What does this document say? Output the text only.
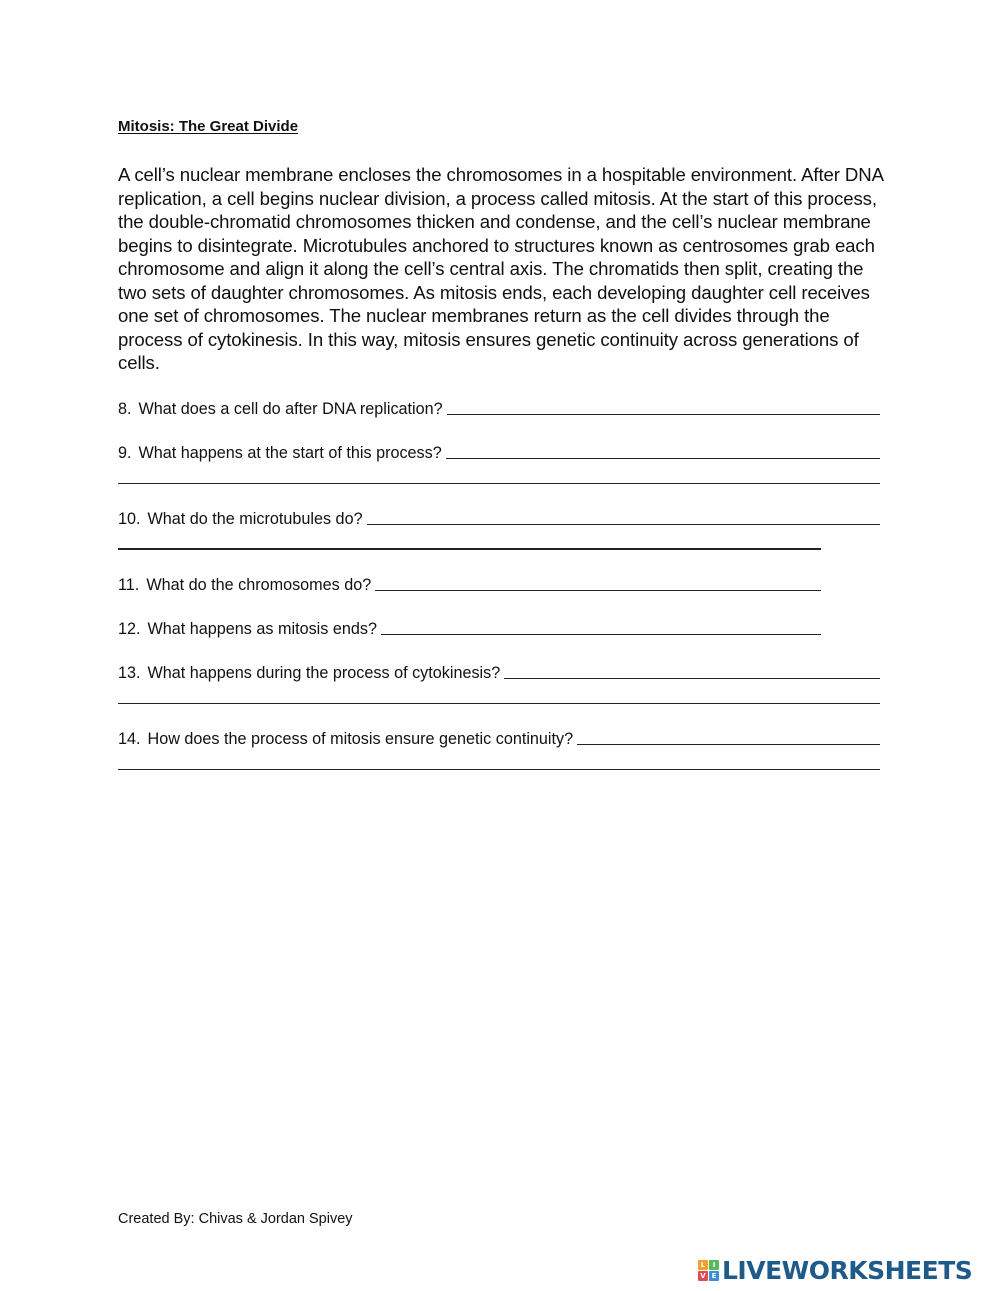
Mitosis: The Great Divide

A cell’s nuclear membrane encloses the chromosomes in a hospitable environment. After DNA replication, a cell begins nuclear division, a process called mitosis. At the start of this process, the double-chromatid chromosomes thicken and condense, and the cell’s nuclear membrane begins to disintegrate. Microtubules anchored to structures known as centrosomes grab each chromosome and align it along the cell’s central axis. The chromatids then split, creating the two sets of daughter chromosomes. As mitosis ends, each developing daughter cell receives one set of chromosomes. The nuclear membranes return as the cell divides through the process of cytokinesis. In this way, mitosis ensures genetic continuity across generations of cells.

8. What does a cell do after DNA replication?
9. What happens at the start of this process?
10. What do the microtubules do?
11. What do the chromosomes do?
12. What happens as mitosis ends?
13. What happens during the process of cytokinesis?
14. How does the process of mitosis ensure genetic continuity?
Created By: Chivas & Jordan Spivey
L	I
V E LIVEWORKSHEETS
